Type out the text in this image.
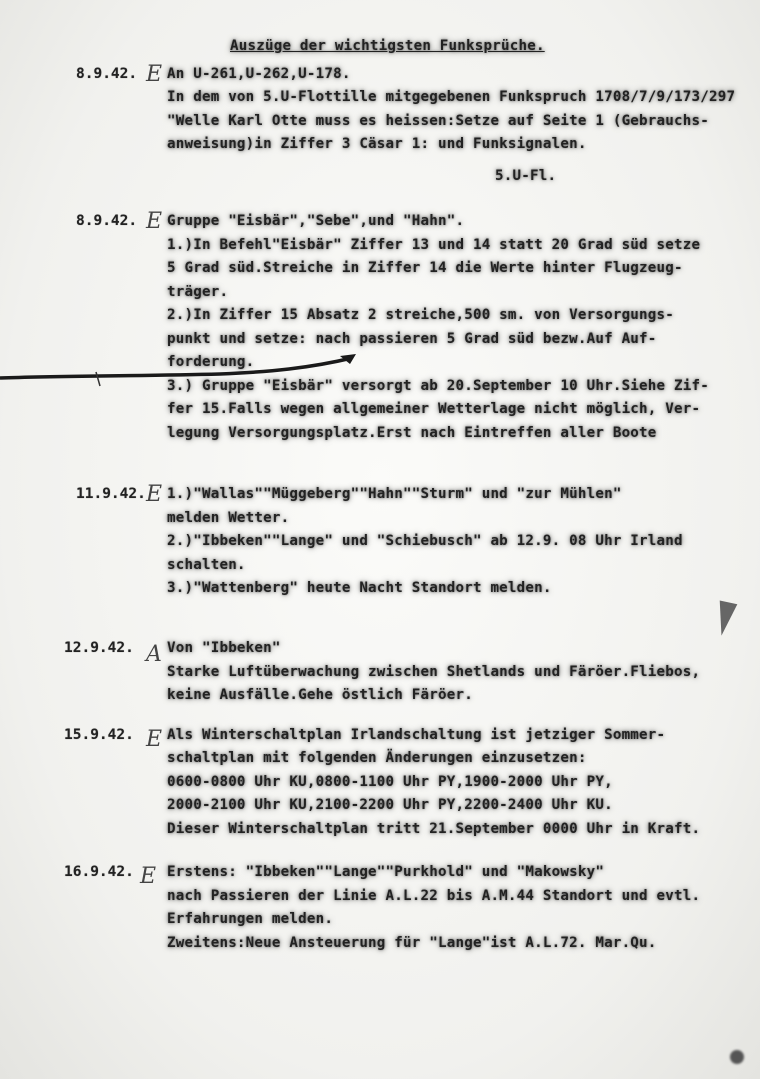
Auszüge der wichtigsten Funksprüche.
8.9.42. E An U-261,U-262,U-178.
In dem von 5.U-Flottille mitgegebenen Funkspruch 1708/7/9/173/297
"Welle Karl Otte muss es heissen:Setze auf Seite 1 (Gebrauchs-
anweisung)in Ziffer 3 Cäsar 1: und Funksignalen.
5.U-Fl.
8.9.42. E Gruppe "Eisbär","Sebe",und "Hahn".
1.)In Befehl"Eisbär" Ziffer 13 und 14 statt 20 Grad süd setze
5 Grad süd.Streiche in Ziffer 14 die Werte hinter Flugzeug-
träger.
2.)In Ziffer 15 Absatz 2 streiche,500 sm. von Versorgungs-
punkt und setze: nach passieren 5 Grad süd bezw.Auf Auf-
forderung.
3.) Gruppe "Eisbär" versorgt ab 20.September 10 Uhr.Siehe Zif-
fer 15.Falls wegen allgemeiner Wetterlage nicht möglich, Ver-
legung Versorgungsplatz.Erst nach Eintreffen aller Boote
11.9.42. E 1.)"Wallas""Müggeberg""Hahn""Sturm" und "zur Mühlen"
melden Wetter.
2.)"Ibbeken""Lange" und "Schiebusch" ab 12.9. 08 Uhr Irland
schalten.
3.)"Wattenberg" heute Nacht Standort melden.
12.9.42. A Von "Ibbeken"
Starke Luftüberwachung zwischen Shetlands und Färöer.Fliebos,
keine Ausfälle.Gehe östlich Färöer.
15.9.42. E Als Winterschaltplan Irlandschaltung ist jetziger Sommer-
schaltplan mit folgenden Änderungen einzusetzen:
0600-0800 Uhr KU,0800-1100 Uhr PY,1900-2000 Uhr PY,
2000-2100 Uhr KU,2100-2200 Uhr PY,2200-2400 Uhr KU.
Dieser Winterschaltplan tritt 21.September 0000 Uhr in Kraft.
16.9.42. E Erstens: "Ibbeken""Lange""Purkhold" und "Makowsky"
nach Passieren der Linie A.L.22 bis A.M.44 Standort und evtl.
Erfahrungen melden.
Zweitens:Neue Ansteuerung für "Lange"ist A.L.72. Mar.Qu.
